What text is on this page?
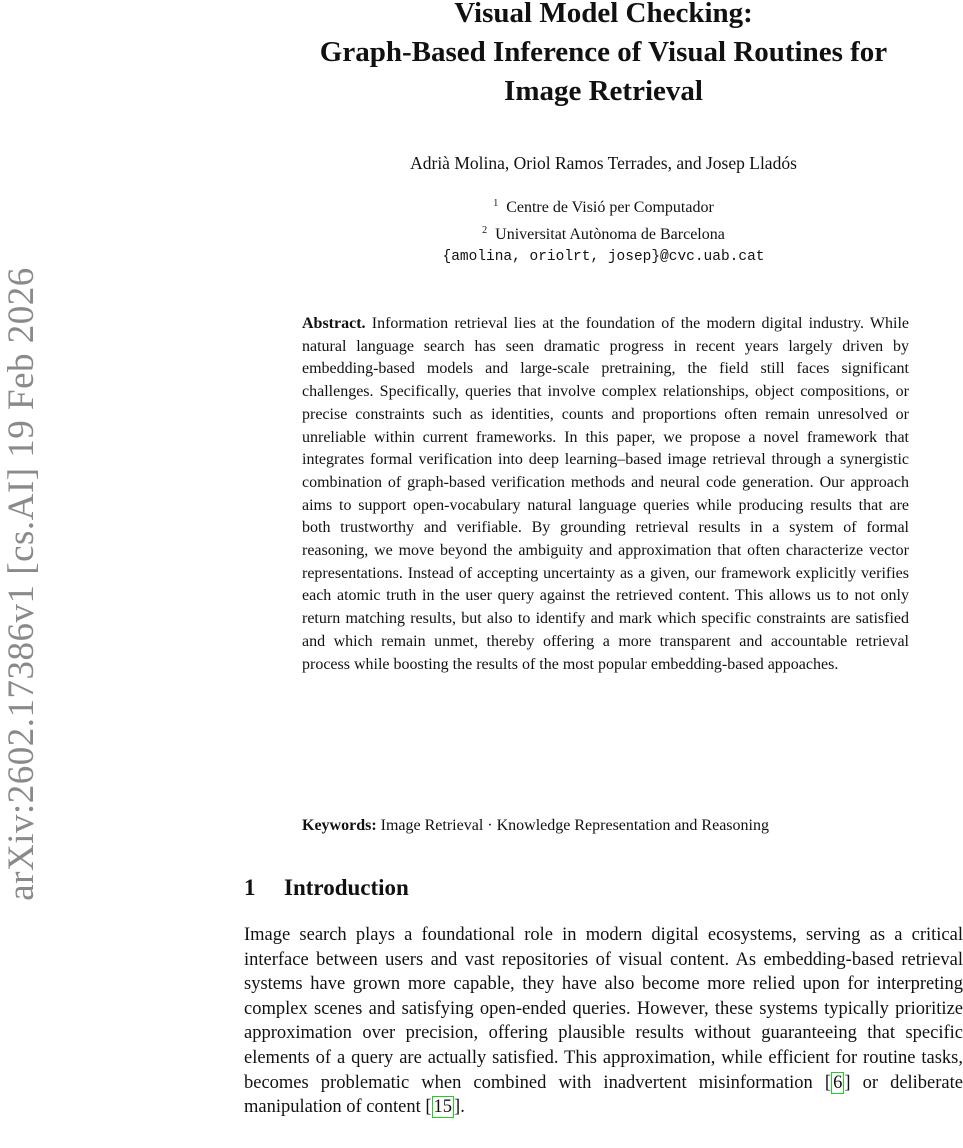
arXiv:2602.17386v1 [cs.AI] 19 Feb 2026
Visual Model Checking:
Graph-Based Inference of Visual Routines for
Image Retrieval
Adrià Molina, Oriol Ramos Terrades, and Josep Lladós
$^1$ Centre de Visió per Computador
$^2$ Universitat Autònoma de Barcelona
{amolina, oriolrt, josep}@cvc.uab.cat

Abstract. Information retrieval lies at the foundation of the modern digital industry. While natural language search has seen dramatic progress in recent years largely driven by embedding-based models and large-scale pretraining, the field still faces significant challenges. Specifically, queries that involve complex relationships, object compositions, or precise constraints such as identities, counts and proportions often remain unresolved or unreliable within current frameworks. In this paper, we propose a novel framework that integrates formal verification into deep learning–based image retrieval through a synergistic combination of graph-based verification methods and neural code generation. Our approach aims to support open-vocabulary natural language queries while producing results that are both trustworthy and verifiable. By grounding retrieval results in a system of formal reasoning, we move beyond the ambiguity and approximation that often characterize vector representations. Instead of accepting uncertainty as a given, our framework explicitly verifies each atomic truth in the user query against the retrieved content. This allows us to not only return matching results, but also to identify and mark which specific constraints are satisfied and which remain unmet, thereby offering a more transparent and accountable retrieval process while boosting the results of the most popular embedding-based appoaches.

Keywords: Image Retrieval · Knowledge Representation and Reasoning
1 Introduction

Image search plays a foundational role in modern digital ecosystems, serving as a critical interface between users and vast repositories of visual content. As embedding-based retrieval systems have grown more capable, they have also become more relied upon for interpreting complex scenes and satisfying open-ended queries. However, these systems typically prioritize approximation over precision, offering plausible results without guaranteeing that specific elements of a query are actually satisfied. This approximation, while efficient for routine tasks, becomes problematic when combined with inadvertent misinformation [ 6 ] or deliberate manipulation of content [ 15 ].
